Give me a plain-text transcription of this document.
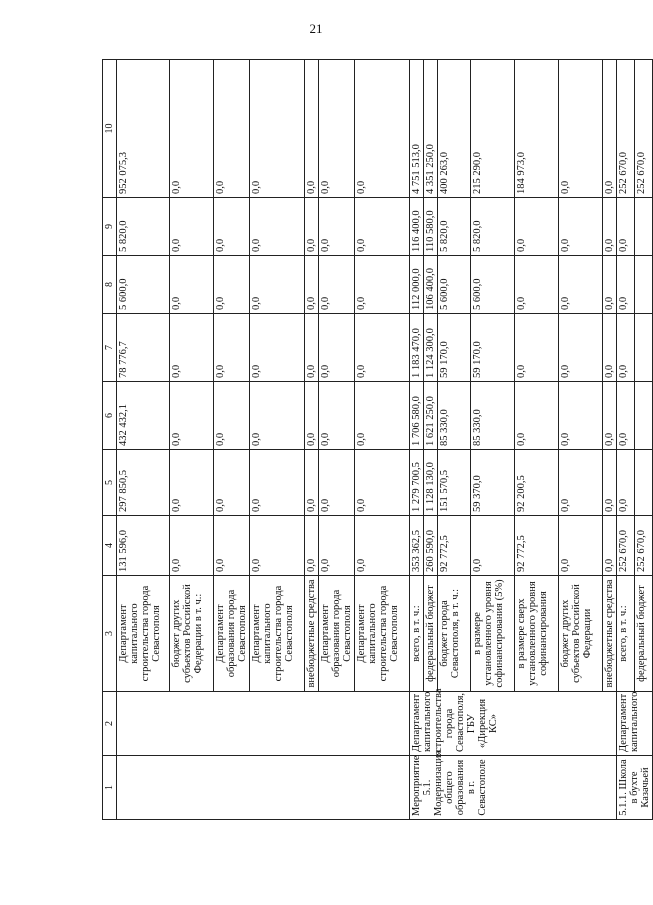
21
1	2	3	4	5	6	7	8	9	10
		Департамент капитального строительства города Севастополя	131 596,0	297 850,5	432 432,1	78 776,7	5 600,0	5 820,0	952 075,3
		бюджет других субъектов Российской Федерации в т. ч.:	0,0	0,0	0,0	0,0	0,0	0,0	0,0
		Департамент образования города Севастополя	0,0	0,0	0,0	0,0	0,0	0,0	0,0
		Департамент капитального строительства города Севастополя	0,0	0,0	0,0	0,0	0,0	0,0	0,0
		внебюджетные средства	0,0	0,0	0,0	0,0	0,0	0,0	0,0
		Департамент образования города Севастополя	0,0	0,0	0,0	0,0	0,0	0,0	0,0
		Департамент капитального строительства города Севастополя	0,0	0,0	0,0	0,0	0,0	0,0	0,0
Мероприятие 5.1. Модернизация общего образования в г. Севастополе	Департамент капитального строительства города Севастополя, ГБУ «Дирекция КС»	всего, в т. ч.:	353 362,5	1 279 700,5	1 706 580,0	1 183 470,0	112 000,0	116 400,0	4 751 513,0
		федеральный бюджет	260 590,0	1 128 130,0	1 621 250,0	1 124 300,0	106 400,0	110 580,0	4 351 250,0
		бюджет города Севастополя, в т. ч.:	92 772,5	151 570,5	85 330,0	59 170,0	5 600,0	5 820,0	400 263,0
		в размере установленного уровня софинансирования (5%)	0,0	59 370,0	85 330,0	59 170,0	5 600,0	5 820,0	215 290,0
		в размере сверх установленного уровня софинансирования	92 772,5	92 200,5	0,0	0,0	0,0	0,0	184 973,0
		бюджет других субъектов Российской Федерации	0,0	0,0	0,0	0,0	0,0	0,0	0,0
		внебюджетные средства	0,0	0,0	0,0	0,0	0,0	0,0	0,0
5.1.1. Школа в бухте Казачьей	Департамент капитального	всего, в т. ч.:	252 670,0	0,0	0,0	0,0	0,0	0,0	252 670,0
		федеральный бюджет	252 670,0						252 670,0
